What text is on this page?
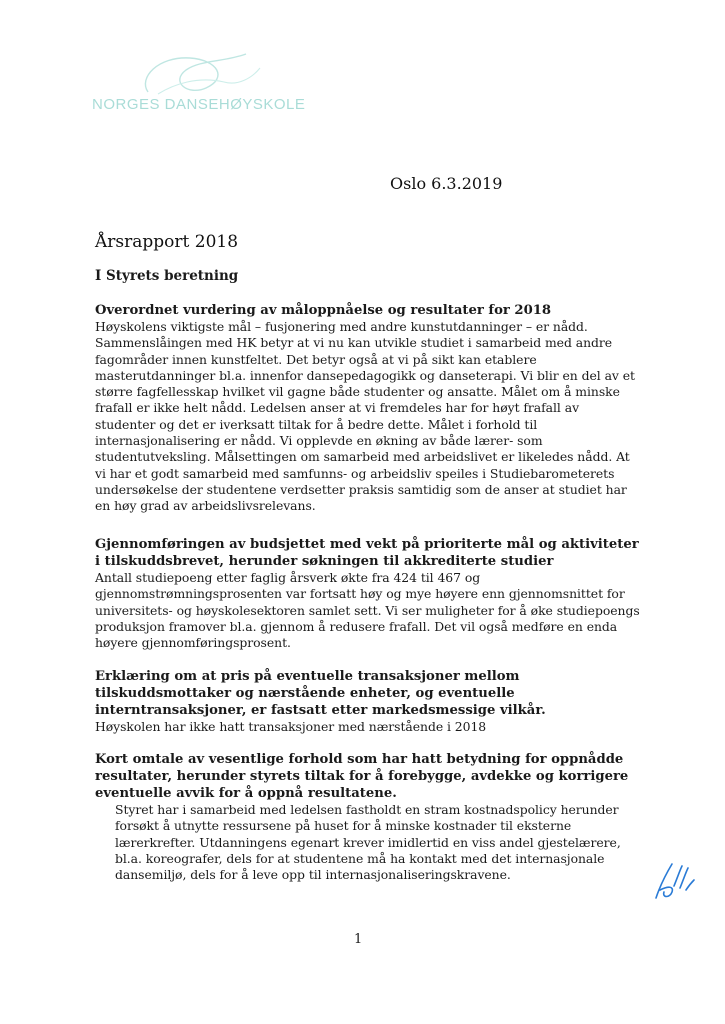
NORGES DANSEHØYSKOLE
Oslo 6.3.2019
Årsrapport 2018
I Styrets beretning
Overordnet vurdering av måloppnåelse og resultater for 2018

Høyskolens viktigste mål – fusjonering med andre kunstutdanninger – er nådd. Sammenslåingen med HK betyr at vi nu kan utvikle studiet i samarbeid med andre fagområder innen kunstfeltet. Det betyr også at vi på sikt kan etablere masterutdanninger bl.a. innenfor dansepedagogikk og danseterapi. Vi blir en del av et større fagfellesskap hvilket vil gagne både studenter og ansatte. Målet om å minske frafall er ikke helt nådd. Ledelsen anser at vi fremdeles har for høyt frafall av studenter og det er iverksatt tiltak for å bedre dette. Målet i forhold til internasjonalisering er nådd. Vi opplevde en økning av både lærer- som studentutveksling. Målsettingen om samarbeid med arbeidslivet er likeledes nådd. At vi har et godt samarbeid med samfunns- og arbeidsliv speiles i Studiebarometerets undersøkelse der studentene verdsetter praksis samtidig som de anser at studiet har en høy grad av arbeidslivsrelevans.

Gjennomføringen av budsjettet med vekt på prioriterte mål og aktiviteter i tilskuddsbrevet, herunder søkningen til akkrediterte studier

Antall studiepoeng etter faglig årsverk økte fra 424 til 467 og gjennomstrømningsprosenten var fortsatt høy og mye høyere enn gjennomsnittet for universitets- og høyskolesektoren samlet sett. Vi ser muligheter for å øke studiepoengs produksjon framover bl.a. gjennom å redusere frafall. Det vil også medføre en enda høyere gjennomføringsprosent.

Erklæring om at pris på eventuelle transaksjoner mellom tilskuddsmottaker og nærstående enheter, og eventuelle interntransaksjoner, er fastsatt etter markedsmessige vilkår.

Høyskolen har ikke hatt transaksjoner med nærstående i 2018

Kort omtale av vesentlige forhold som har hatt betydning for oppnådde resultater, herunder styrets tiltak for å forebygge, avdekke og korrigere eventuelle avvik for å oppnå resultatene.

Styret har i samarbeid med ledelsen fastholdt en stram kostnadspolicy herunder forsøkt å utnytte ressursene på huset for å minske kostnader til eksterne lærerkrefter. Utdanningens egenart krever imidlertid en viss andel gjestelærere, bl.a. koreografer, dels for at studentene må ha kontakt med det internasjonale dansemiljø, dels for å leve opp til internasjonaliseringskravene.

1
